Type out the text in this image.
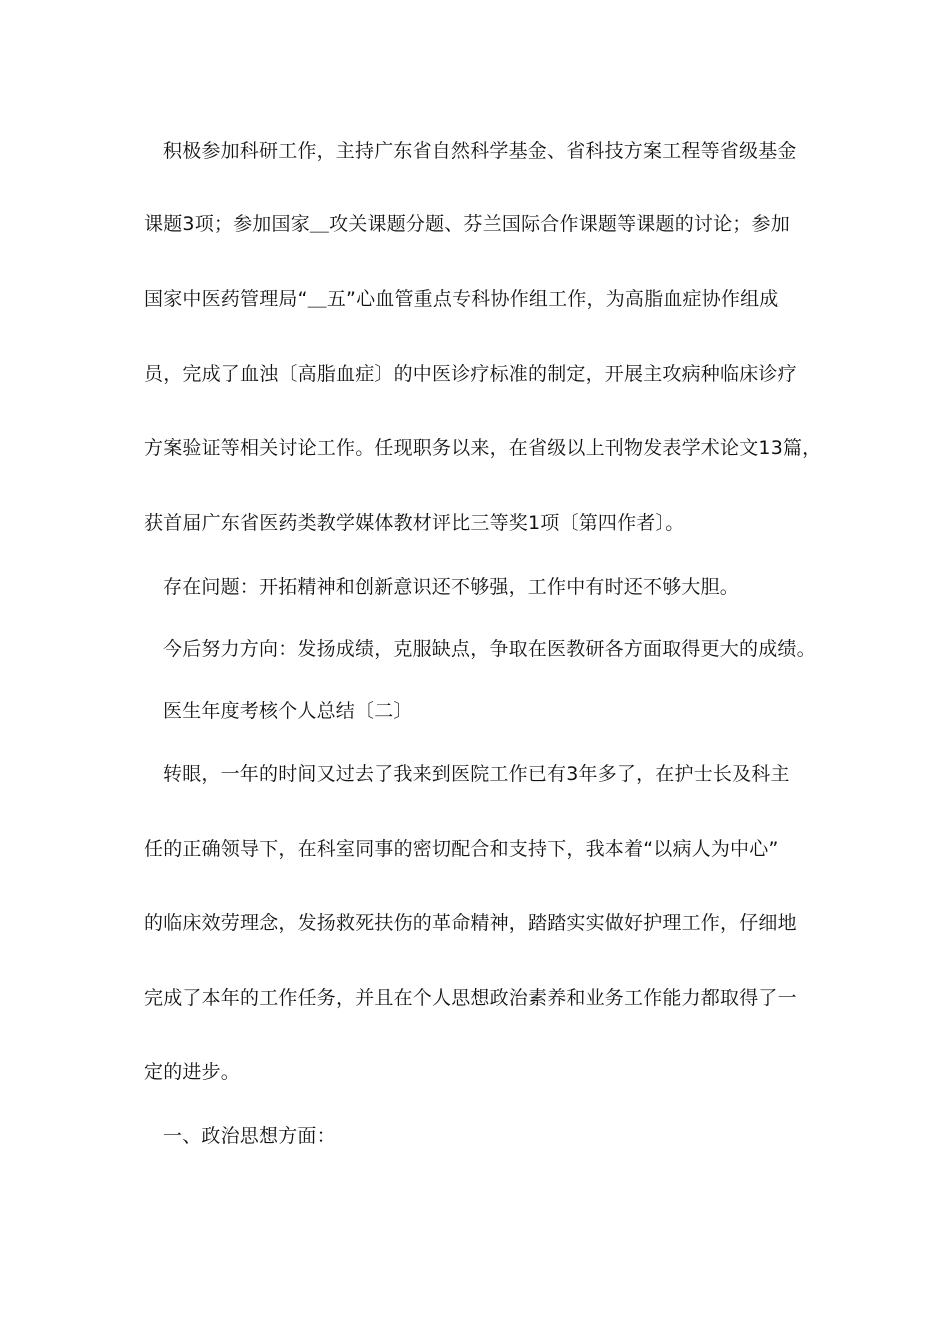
积极参加科研工作，主持广东省自然科学基金、省科技方案工程等省级基金

课题3项；参加国家＿攻关课题分题、芬兰国际合作课题等课题的讨论；参加

国家中医药管理局“＿五”心血管重点专科协作组工作，为高脂血症协作组成

员，完成了血浊〔高脂血症〕的中医诊疗标准的制定，开展主攻病种临床诊疗

方案验证等相关讨论工作。任现职务以来，在省级以上刊物发表学术论文13篇，

获首届广东省医药类教学媒体教材评比三等奖1项〔第四作者〕。

存在问题：开拓精神和创新意识还不够强，工作中有时还不够大胆。

今后努力方向：发扬成绩，克服缺点，争取在医教研各方面取得更大的成绩。

医生年度考核个人总结〔二〕

转眼，一年的时间又过去了我来到医院工作已有3年多了，在护士长及科主

任的正确领导下，在科室同事的密切配合和支持下，我本着“以病人为中心”

的临床效劳理念，发扬救死扶伤的革命精神，踏踏实实做好护理工作，仔细地

完成了本年的工作任务，并且在个人思想政治素养和业务工作能力都取得了一

定的进步。

一、政治思想方面：
